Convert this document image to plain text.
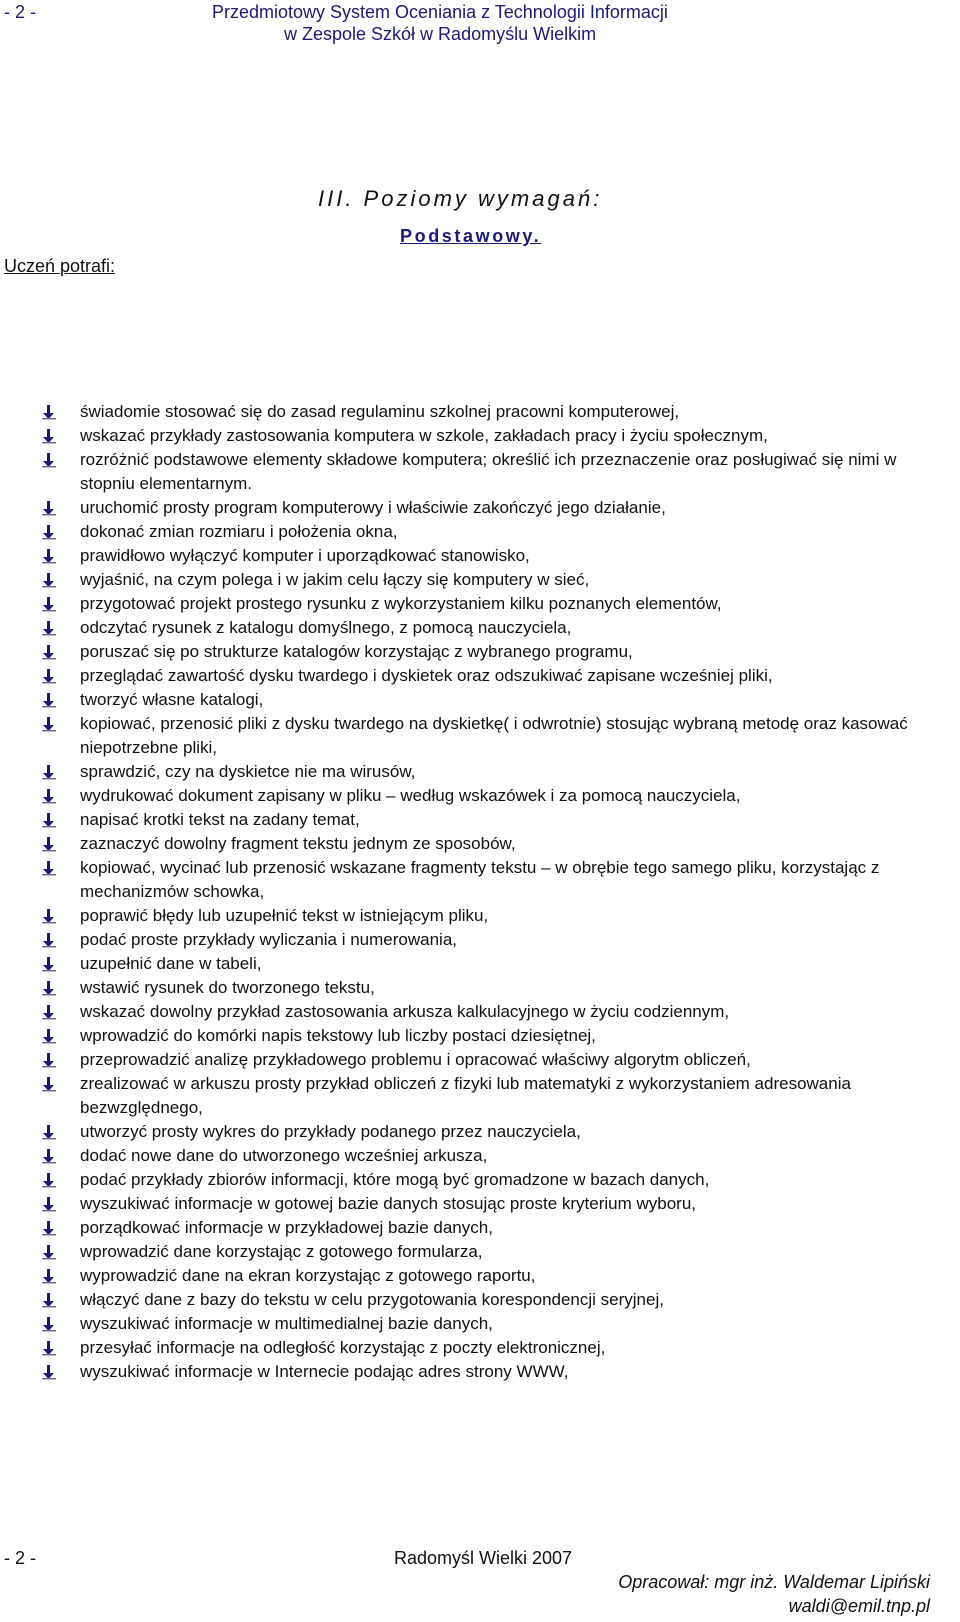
- 2 -	Przedmiotowy System Oceniania z Technologii Informacji
w Zespole Szkół w Radomyślu Wielkim
III. Poziomy wymagań:
Podstawowy.
Uczeń potrafi:
świadomie stosować się do zasad regulaminu szkolnej pracowni komputerowej,
wskazać przykłady zastosowania komputera w szkole, zakładach pracy i życiu społecznym,
rozróżnić podstawowe elementy składowe komputera; określić ich przeznaczenie oraz posługiwać się nimi w stopniu elementarnym.
uruchomić prosty program komputerowy i właściwie zakończyć jego działanie,
dokonać zmian rozmiaru i położenia okna,
prawidłowo wyłączyć komputer i uporządkować stanowisko,
wyjaśnić, na czym polega i w jakim celu łączy się komputery w sieć,
przygotować projekt prostego rysunku z wykorzystaniem kilku poznanych elementów,
odczytać rysunek z katalogu domyślnego, z pomocą nauczyciela,
poruszać się po strukturze katalogów korzystając z wybranego programu,
przeglądać zawartość dysku twardego i dyskietek oraz odszukiwać zapisane wcześniej pliki,
tworzyć własne katalogi,
kopiować, przenosić pliki z dysku twardego na dyskietkę( i odwrotnie) stosując wybraną metodę oraz kasować niepotrzebne pliki,
sprawdzić, czy na dyskietce nie ma wirusów,
wydrukować dokument zapisany w pliku – według wskazówek i za pomocą nauczyciela,
napisać krotki tekst na zadany temat,
zaznaczyć dowolny fragment tekstu jednym ze sposobów,
kopiować, wycinać lub przenosić wskazane fragmenty tekstu – w obrębie tego samego pliku, korzystając z mechanizmów schowka,
poprawić błędy lub uzupełnić tekst w istniejącym pliku,
podać proste przykłady wyliczania i numerowania,
uzupełnić dane w tabeli,
wstawić rysunek do tworzonego tekstu,
wskazać dowolny przykład zastosowania arkusza kalkulacyjnego w życiu codziennym,
wprowadzić do komórki napis tekstowy lub liczby postaci dziesiętnej,
przeprowadzić analizę przykładowego problemu i opracować właściwy algorytm obliczeń,
zrealizować w arkuszu prosty przykład obliczeń z fizyki lub matematyki z wykorzystaniem adresowania bezwzględnego,
utworzyć prosty wykres do przykłady podanego przez nauczyciela,
dodać nowe dane do utworzonego wcześniej arkusza,
podać przykłady zbiorów informacji, które mogą być gromadzone w bazach danych,
wyszukiwać informacje w gotowej bazie danych stosując proste kryterium wyboru,
porządkować informacje w przykładowej bazie danych,
wprowadzić dane korzystając z gotowego formularza,
wyprowadzić dane na ekran korzystając z gotowego raportu,
włączyć dane z bazy do tekstu w celu przygotowania korespondencji seryjnej,
wyszukiwać informacje w multimedialnej bazie danych,
przesyłać informacje na odległość korzystając z poczty elektronicznej,
wyszukiwać informacje w Internecie podając adres strony WWW,
- 2 -	Radomyśl Wielki 2007
Opracował: mgr inż. Waldemar Lipiński
waldi@emil.tnp.pl
